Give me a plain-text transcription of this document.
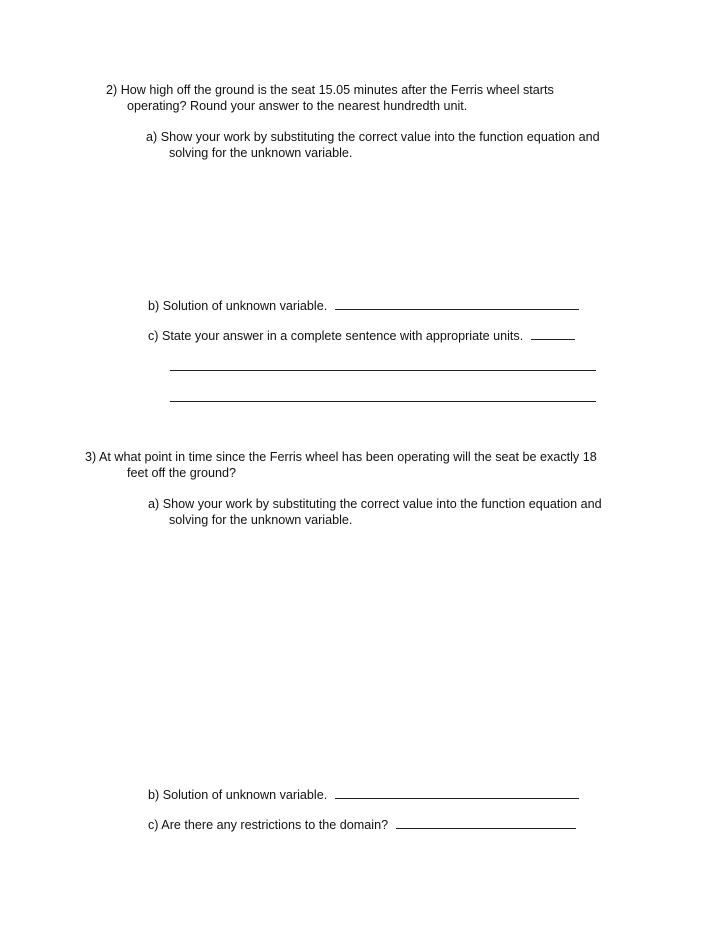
2) How high off the ground is the seat 15.05 minutes after the Ferris wheel starts
operating? Round your answer to the nearest hundredth unit.
a) Show your work by substituting the correct value into the function equation and
solving for the unknown variable.
b) Solution of unknown variable.
c) State your answer in a complete sentence with appropriate units.
3) At what point in time since the Ferris wheel has been operating will the seat be exactly 18
feet off the ground?
a) Show your work by substituting the correct value into the function equation and
solving for the unknown variable.
b) Solution of unknown variable.
c) Are there any restrictions to the domain?
